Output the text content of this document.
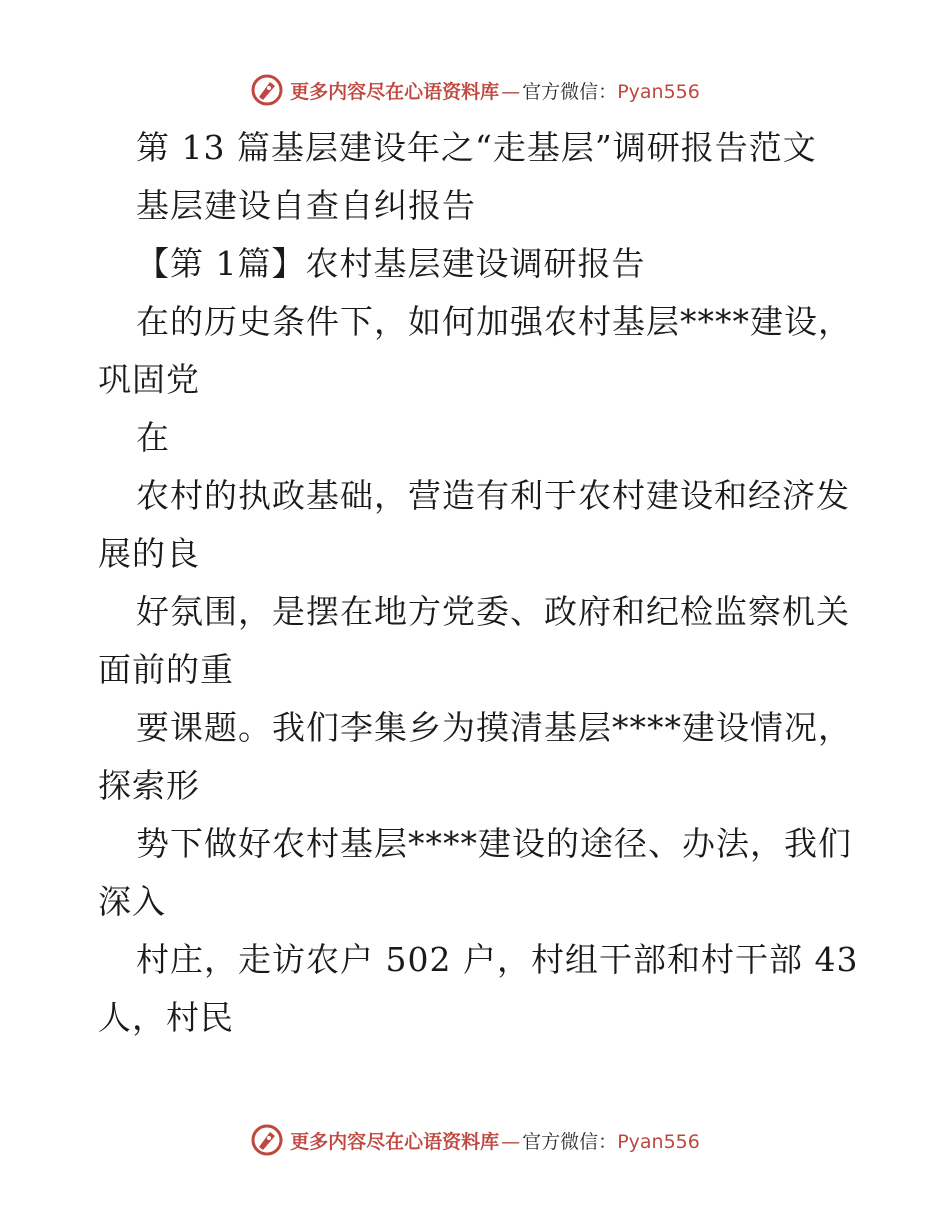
更多内容尽在心语资料库 — 官方微信：Pyan556
第 13 篇基层建设年之“走基层”调研报告范文
基层建设自查自纠报告
【第 1篇】农村基层建设调研报告
在的历史条件下，如何加强农村基层****建设，
巩固党
在
农村的执政基础，营造有利于农村建设和经济发
展的良
好氛围，是摆在地方党委、政府和纪检监察机关
面前的重
要课题。我们李集乡为摸清基层****建设情况，
探索形
势下做好农村基层****建设的途径、办法，我们
深入
村庄，走访农户 502 户，村组干部和村干部 43
人，村民
更多内容尽在心语资料库 — 官方微信：Pyan556
